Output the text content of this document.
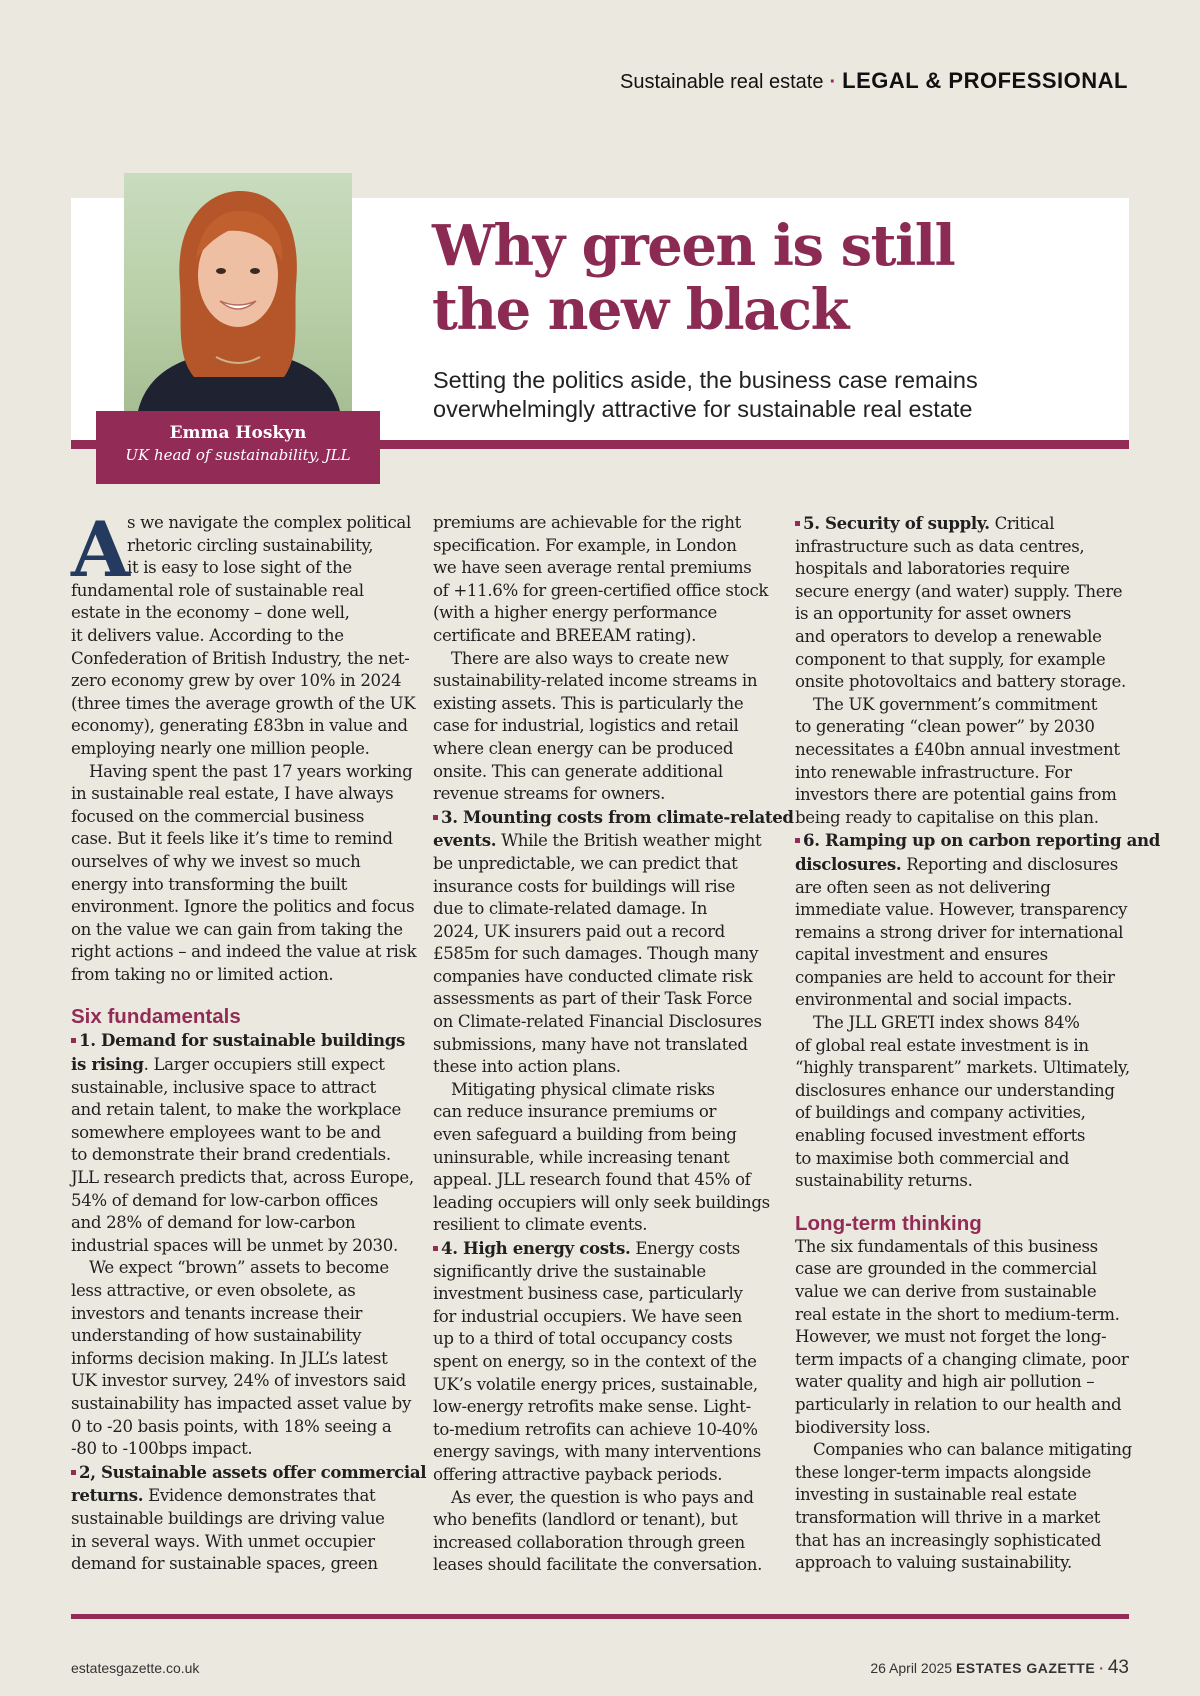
Sustainable real estate · LEGAL & PROFESSIONAL
Emma Hoskyn
UK head of sustainability, JLL
Why green is still
the new black
Setting the politics aside, the business case remains
overwhelmingly attractive for sustainable real estate
A
s we navigate the complex political
rhetoric circling sustainability,
it is easy to lose sight of the
fundamental role of sustainable real
estate in the economy – done well,
it delivers value. According to the
Confederation of British Industry, the net-
zero economy grew by over 10% in 2024
(three times the average growth of the UK
economy), generating £83bn in value and
employing nearly one million people.
Having spent the past 17 years working
in sustainable real estate, I have always
focused on the commercial business
case. But it feels like it’s time to remind
ourselves of why we invest so much
energy into transforming the built
environment. Ignore the politics and focus
on the value we can gain from taking the
right actions – and indeed the value at risk
from taking no or limited action.
Six fundamentals
1. Demand for sustainable buildings
is rising. Larger occupiers still expect
sustainable, inclusive space to attract
and retain talent, to make the workplace
somewhere employees want to be and
to demonstrate their brand credentials.
JLL research predicts that, across Europe,
54% of demand for low-carbon offices
and 28% of demand for low-carbon
industrial spaces will be unmet by 2030.
We expect “brown” assets to become
less attractive, or even obsolete, as
investors and tenants increase their
understanding of how sustainability
informs decision making. In JLL’s latest
UK investor survey, 24% of investors said
sustainability has impacted asset value by
0 to -20 basis points, with 18% seeing a
-80 to -100bps impact.
2, Sustainable assets offer commercial
returns. Evidence demonstrates that
sustainable buildings are driving value
in several ways. With unmet occupier
demand for sustainable spaces, green
premiums are achievable for the right
specification. For example, in London
we have seen average rental premiums
of +11.6% for green-certified office stock
(with a higher energy performance
certificate and BREEAM rating).
There are also ways to create new
sustainability-related income streams in
existing assets. This is particularly the
case for industrial, logistics and retail
where clean energy can be produced
onsite. This can generate additional
revenue streams for owners.
3. Mounting costs from climate-related
events. While the British weather might
be unpredictable, we can predict that
insurance costs for buildings will rise
due to climate-related damage. In
2024, UK insurers paid out a record
£585m for such damages. Though many
companies have conducted climate risk
assessments as part of their Task Force
on Climate-related Financial Disclosures
submissions, many have not translated
these into action plans.
Mitigating physical climate risks
can reduce insurance premiums or
even safeguard a building from being
uninsurable, while increasing tenant
appeal. JLL research found that 45% of
leading occupiers will only seek buildings
resilient to climate events.
4. High energy costs. Energy costs
significantly drive the sustainable
investment business case, particularly
for industrial occupiers. We have seen
up to a third of total occupancy costs
spent on energy, so in the context of the
UK’s volatile energy prices, sustainable,
low-energy retrofits make sense. Light-
to-medium retrofits can achieve 10-40%
energy savings, with many interventions
offering attractive payback periods.
As ever, the question is who pays and
who benefits (landlord or tenant), but
increased collaboration through green
leases should facilitate the conversation.
5. Security of supply. Critical
infrastructure such as data centres,
hospitals and laboratories require
secure energy (and water) supply. There
is an opportunity for asset owners
and operators to develop a renewable
component to that supply, for example
onsite photovoltaics and battery storage.
The UK government’s commitment
to generating “clean power” by 2030
necessitates a £40bn annual investment
into renewable infrastructure. For
investors there are potential gains from
being ready to capitalise on this plan.
6. Ramping up on carbon reporting and
disclosures. Reporting and disclosures
are often seen as not delivering
immediate value. However, transparency
remains a strong driver for international
capital investment and ensures
companies are held to account for their
environmental and social impacts.
The JLL GRETI index shows 84%
of global real estate investment is in
“highly transparent” markets. Ultimately,
disclosures enhance our understanding
of buildings and company activities,
enabling focused investment efforts
to maximise both commercial and
sustainability returns.
Long-term thinking
The six fundamentals of this business
case are grounded in the commercial
value we can derive from sustainable
real estate in the short to medium-term.
However, we must not forget the long-
term impacts of a changing climate, poor
water quality and high air pollution –
particularly in relation to our health and
biodiversity loss.
Companies who can balance mitigating
these longer-term impacts alongside
investing in sustainable real estate
transformation will thrive in a market
that has an increasingly sophisticated
approach to valuing sustainability.
estatesgazette.co.uk	26 April 2025 ESTATES GAZETTE · 43
